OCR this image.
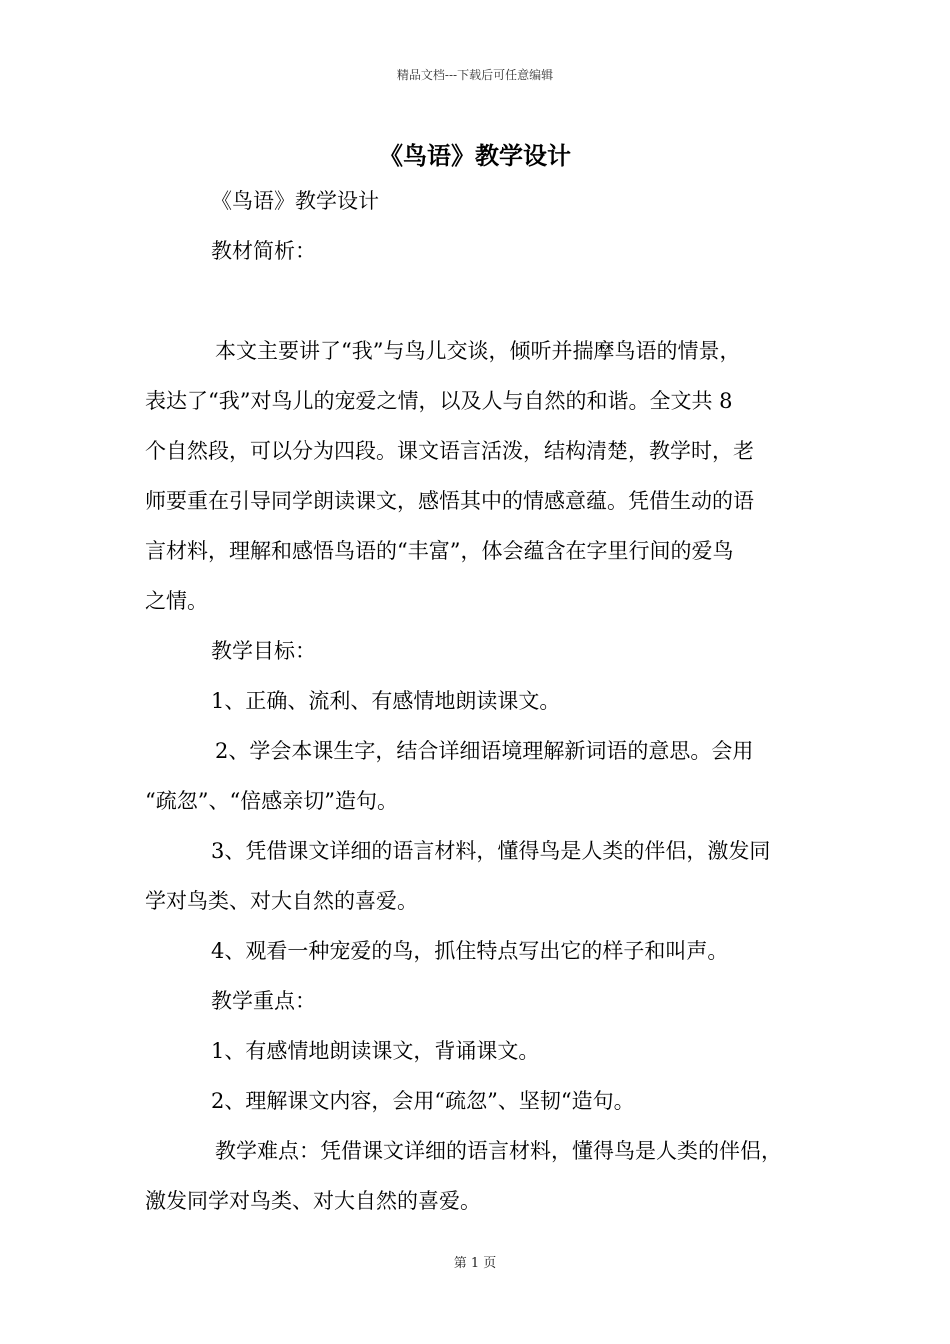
精品文档---下载后可任意编辑
《鸟语》教学设计
《鸟语》教学设计
教材简析：
本文主要讲了“我”与鸟儿交谈，倾听并揣摩鸟语的情景，
表达了“我”对鸟儿的宠爱之情，以及人与自然的和谐。全文共 8
个自然段，可以分为四段。课文语言活泼，结构清楚，教学时，老
师要重在引导同学朗读课文，感悟其中的情感意蕴。凭借生动的语
言材料，理解和感悟鸟语的“丰富”，体会蕴含在字里行间的爱鸟
之情。
教学目标：
1、正确、流利、有感情地朗读课文。
2、学会本课生字，结合详细语境理解新词语的意思。会用
“疏忽”、“倍感亲切”造句。
3、凭借课文详细的语言材料，懂得鸟是人类的伴侣，激发同
学对鸟类、对大自然的喜爱。
4、观看一种宠爱的鸟，抓住特点写出它的样子和叫声。
教学重点：
1、有感情地朗读课文，背诵课文。
2、理解课文内容，会用“疏忽”、坚韧“造句。
教学难点：凭借课文详细的语言材料，懂得鸟是人类的伴侣，
激发同学对鸟类、对大自然的喜爱。
第 1 页
